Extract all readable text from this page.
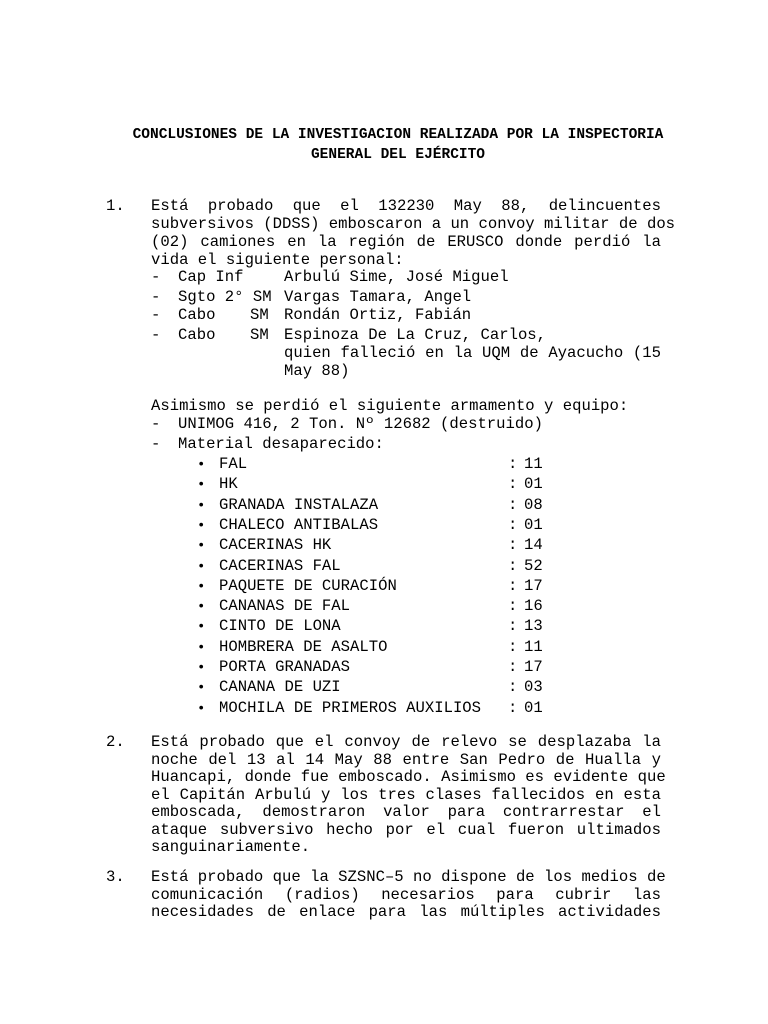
CONCLUSIONES DE LA INVESTIGACION REALIZADA POR LA INSPECTORIA
GENERAL DEL EJÉRCITO
1. Está probado que el 132230 May 88, delincuentes
subversivos (DDSS) emboscaron a un convoy militar de dos
(02) camiones en la región de ERUSCO donde perdió la
vida el siguiente personal:
- Cap Inf	Arbulú Sime, José Miguel
- Sgto 2° SM Vargas Tamara, Angel
- Cabo SM Rondán Ortiz, Fabián
- Cabo SM Espinoza De La Cruz, Carlos,
quien falleció en la UQM de Ayacucho (15
May 88)
Asimismo se perdió el siguiente armamento y equipo:
- UNIMOG 416, 2 Ton. Nº 12682 (destruido)
- Material desaparecido:
• FAL	: 11
• HK	: 01
• GRANADA INSTALAZA	: 08
• CHALECO ANTIBALAS	: 01
• CACERINAS HK	: 14
• CACERINAS FAL	: 52
• PAQUETE DE CURACIÓN	: 17
• CANANAS DE FAL	: 16
• CINTO DE LONA	: 13
• HOMBRERA DE ASALTO	: 11
• PORTA GRANADAS	: 17
• CANANA DE UZI	: 03
• MOCHILA DE PRIMEROS AUXILIOS : 01
2. Está probado que el convoy de relevo se desplazaba la
noche del 13 al 14 May 88 entre San Pedro de Hualla y
Huancapi, donde fue emboscado. Asimismo es evidente que
el Capitán Arbulú y los tres clases fallecidos en esta
emboscada, demostraron valor para contrarrestar el
ataque subversivo hecho por el cual fueron ultimados
sanguinariamente.
3. Está probado que la SZSNC–5 no dispone de los medios de
comunicación (radios) necesarios para cubrir las
necesidades de enlace para las múltiples actividades
